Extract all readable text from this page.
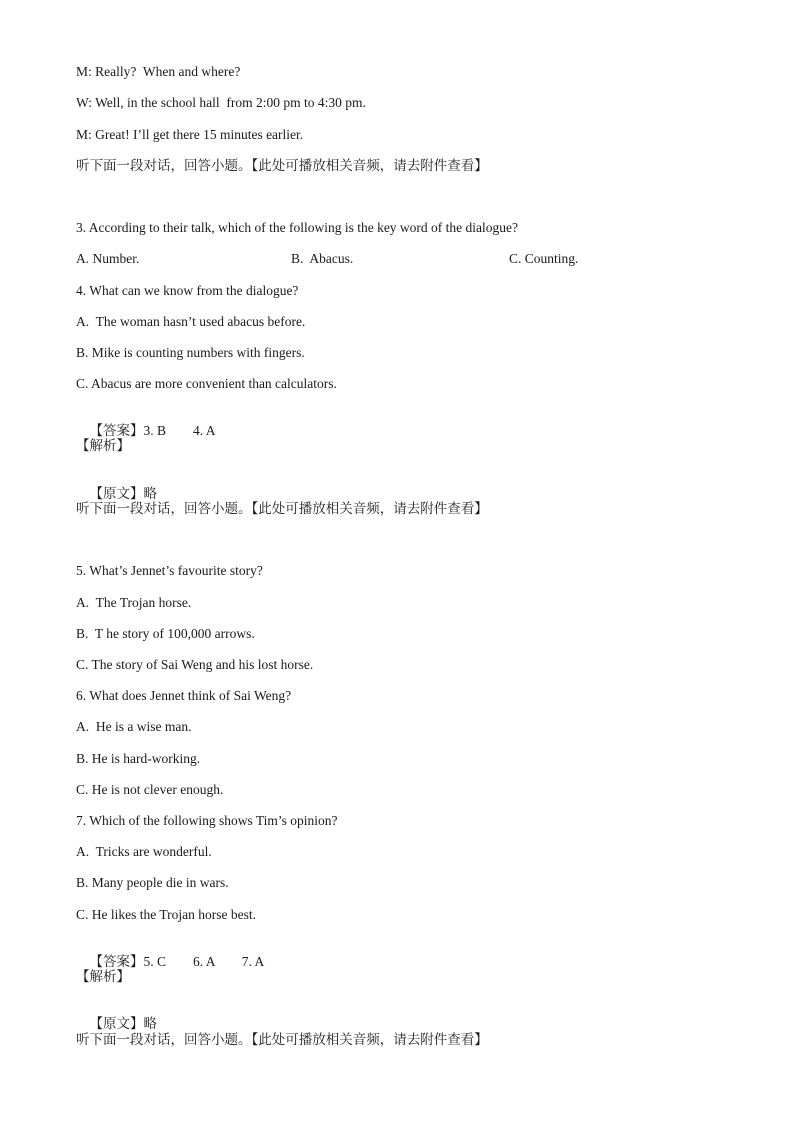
M: Really?  When and where?
W: Well, in the school hall  from 2:00 pm to 4:30 pm.
M: Great! I’ll get there 15 minutes earlier.
听下面一段对话，回答小题。【此处可播放相关音频，请去附件查看】
3. According to their talk, which of the following is the key word of the dialogue?
A. Number.	B.  Abacus.	C. Counting.
4. What can we know from the dialogue?
A.  The woman hasn’t used abacus before.
B. Mike is counting numbers with fingers.
C. Abacus are more convenient than calculators.

【答案】3. B        4. A

【解析】

【原文】略

听下面一段对话，回答小题。【此处可播放相关音频，请去附件查看】
5. What’s Jennet’s favourite story?
A.  The Trojan horse.
B.  T he story of 100,000 arrows.
C. The story of Sai Weng and his lost horse.
6. What does Jennet think of Sai Weng?
A.  He is a wise man.
B. He is hard-working.
C. He is not clever enough.
7. Which of the following shows Tim’s opinion?
A.  Tricks are wonderful.
B. Many people die in wars.
C. He likes the Trojan horse best.

【答案】5. C        6. A        7. A

【解析】

【原文】略

听下面一段对话，回答小题。【此处可播放相关音频，请去附件查看】
